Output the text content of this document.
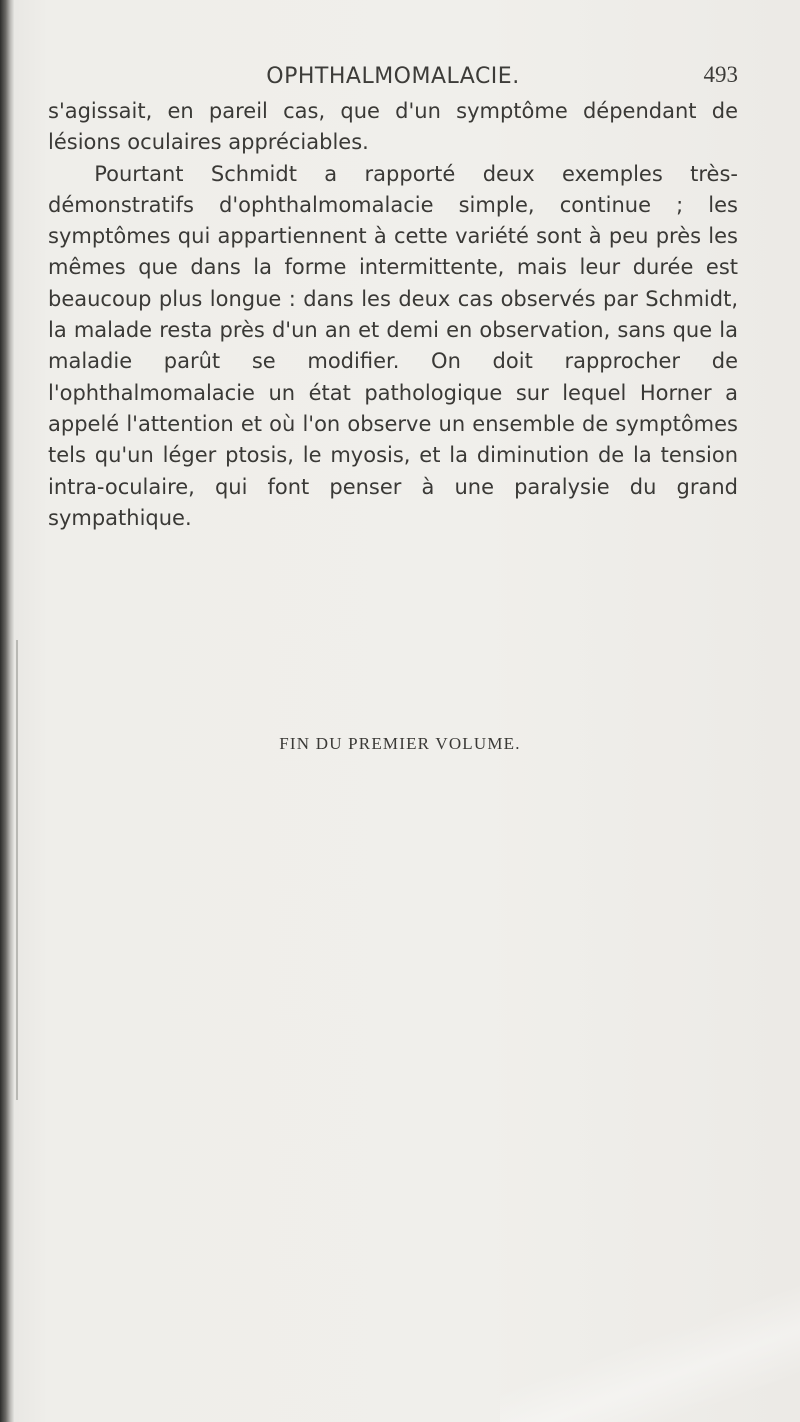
OPHTHALMOMALACIE.	493

s'agissait, en pareil cas, que d'un symptôme dépendant de lésions oculaires appréciables.

Pourtant Schmidt a rapporté deux exemples très-démonstratifs d'ophthalmomalacie simple, continue ; les symptômes qui appartiennent à cette variété sont à peu près les mêmes que dans la forme intermittente, mais leur durée est beaucoup plus longue : dans les deux cas observés par Schmidt, la malade resta près d'un an et demi en observation, sans que la maladie parût se modifier. On doit rapprocher de l'ophthalmomalacie un état pathologique sur lequel Horner a appelé l'attention et où l'on observe un ensemble de symptômes tels qu'un léger ptosis, le myosis, et la diminution de la tension intra-oculaire, qui font penser à une paralysie du grand sympathique.

FIN DU PREMIER VOLUME.
